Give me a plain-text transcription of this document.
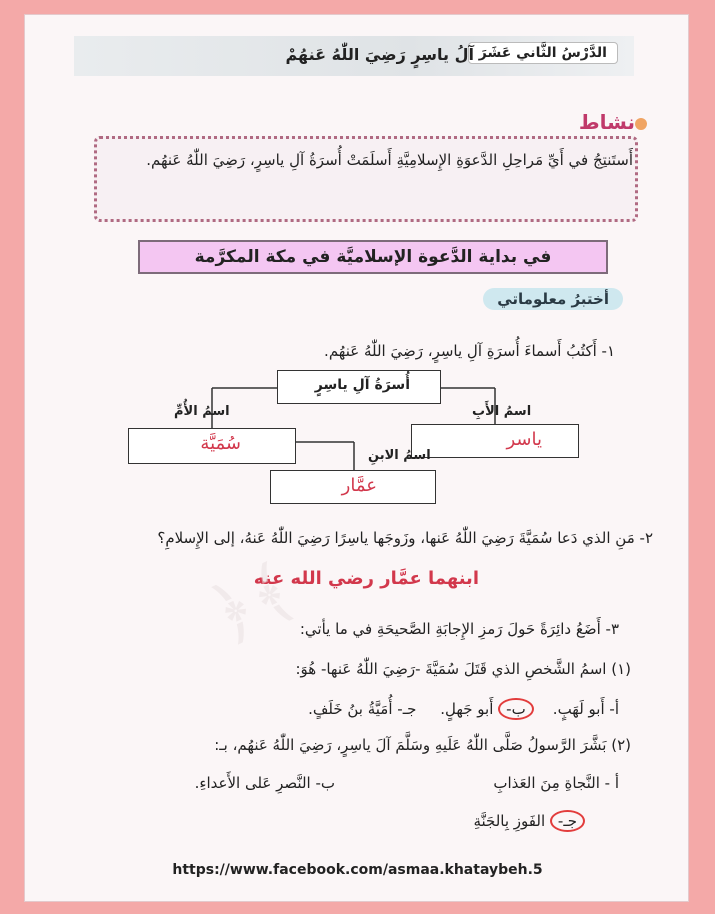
الدَّرْسُ الثَّاني عَشَرَ
آلُ ياسِرٍ رَضِيَ اللّٰهُ عَنهُمْ
نشاط
أَستَنتِجُ في أَيِّ مَراحِلِ الدَّعوَةِ الإِسلامِيَّةِ أَسلَمَتْ أُسرَةُ آلِ ياسِرٍ، رَضِيَ اللّٰهُ عَنهُم.
في بداية الدَّعوة الإسلاميَّة في مكة المكرَّمة
أختبرُ معلوماتي
١- أَكتُبُ أَسماءَ أُسرَةِ آلِ ياسِرٍ، رَضِيَ اللّٰهُ عَنهُم.
أُسرَةُ آلِ ياسِرٍ
اسمُ الأَبِ
اسمُ الأُمِّ
ياسر
سُمَيَّة
اسمُ الابنِ
عمَّار
٢- مَنِ الذي دَعا سُمَيَّةَ رَضِيَ اللّٰهُ عَنها، وزَوجَها ياسِرًا رَضِيَ اللّٰهُ عَنهُ، إلى الإِسلامِ؟
ابنهما عمَّار رضي الله عنه
﴾﴿
٣- أَضَعُ دائِرَةً حَولَ رَمزِ الإِجابَةِ الصَّحيحَةِ في ما يأتي:
(١) اسمُ الشَّخصِ الذي قَتَلَ سُمَيَّةَ -رَضِيَ اللّٰهُ عَنها- هُوَ:
أ- أَبو لَهَبٍ.    ب- أَبو جَهلٍ.     جـ- أُمَيَّةُ بنُ خَلَفٍ.
(٢) بَشَّرَ الرَّسولُ صَلَّى اللّٰهُ عَلَيهِ وسَلَّمَ آلَ ياسِرٍ، رَضِيَ اللّٰهُ عَنهُم، بـ:
أ - النَّجاةِ مِنَ العَذابِ
ب- النَّصرِ عَلى الأَعداءِ.
جـ- الفَوزِ بِالجَنَّةِ
https://www.facebook.com/asmaa.khataybeh.5
